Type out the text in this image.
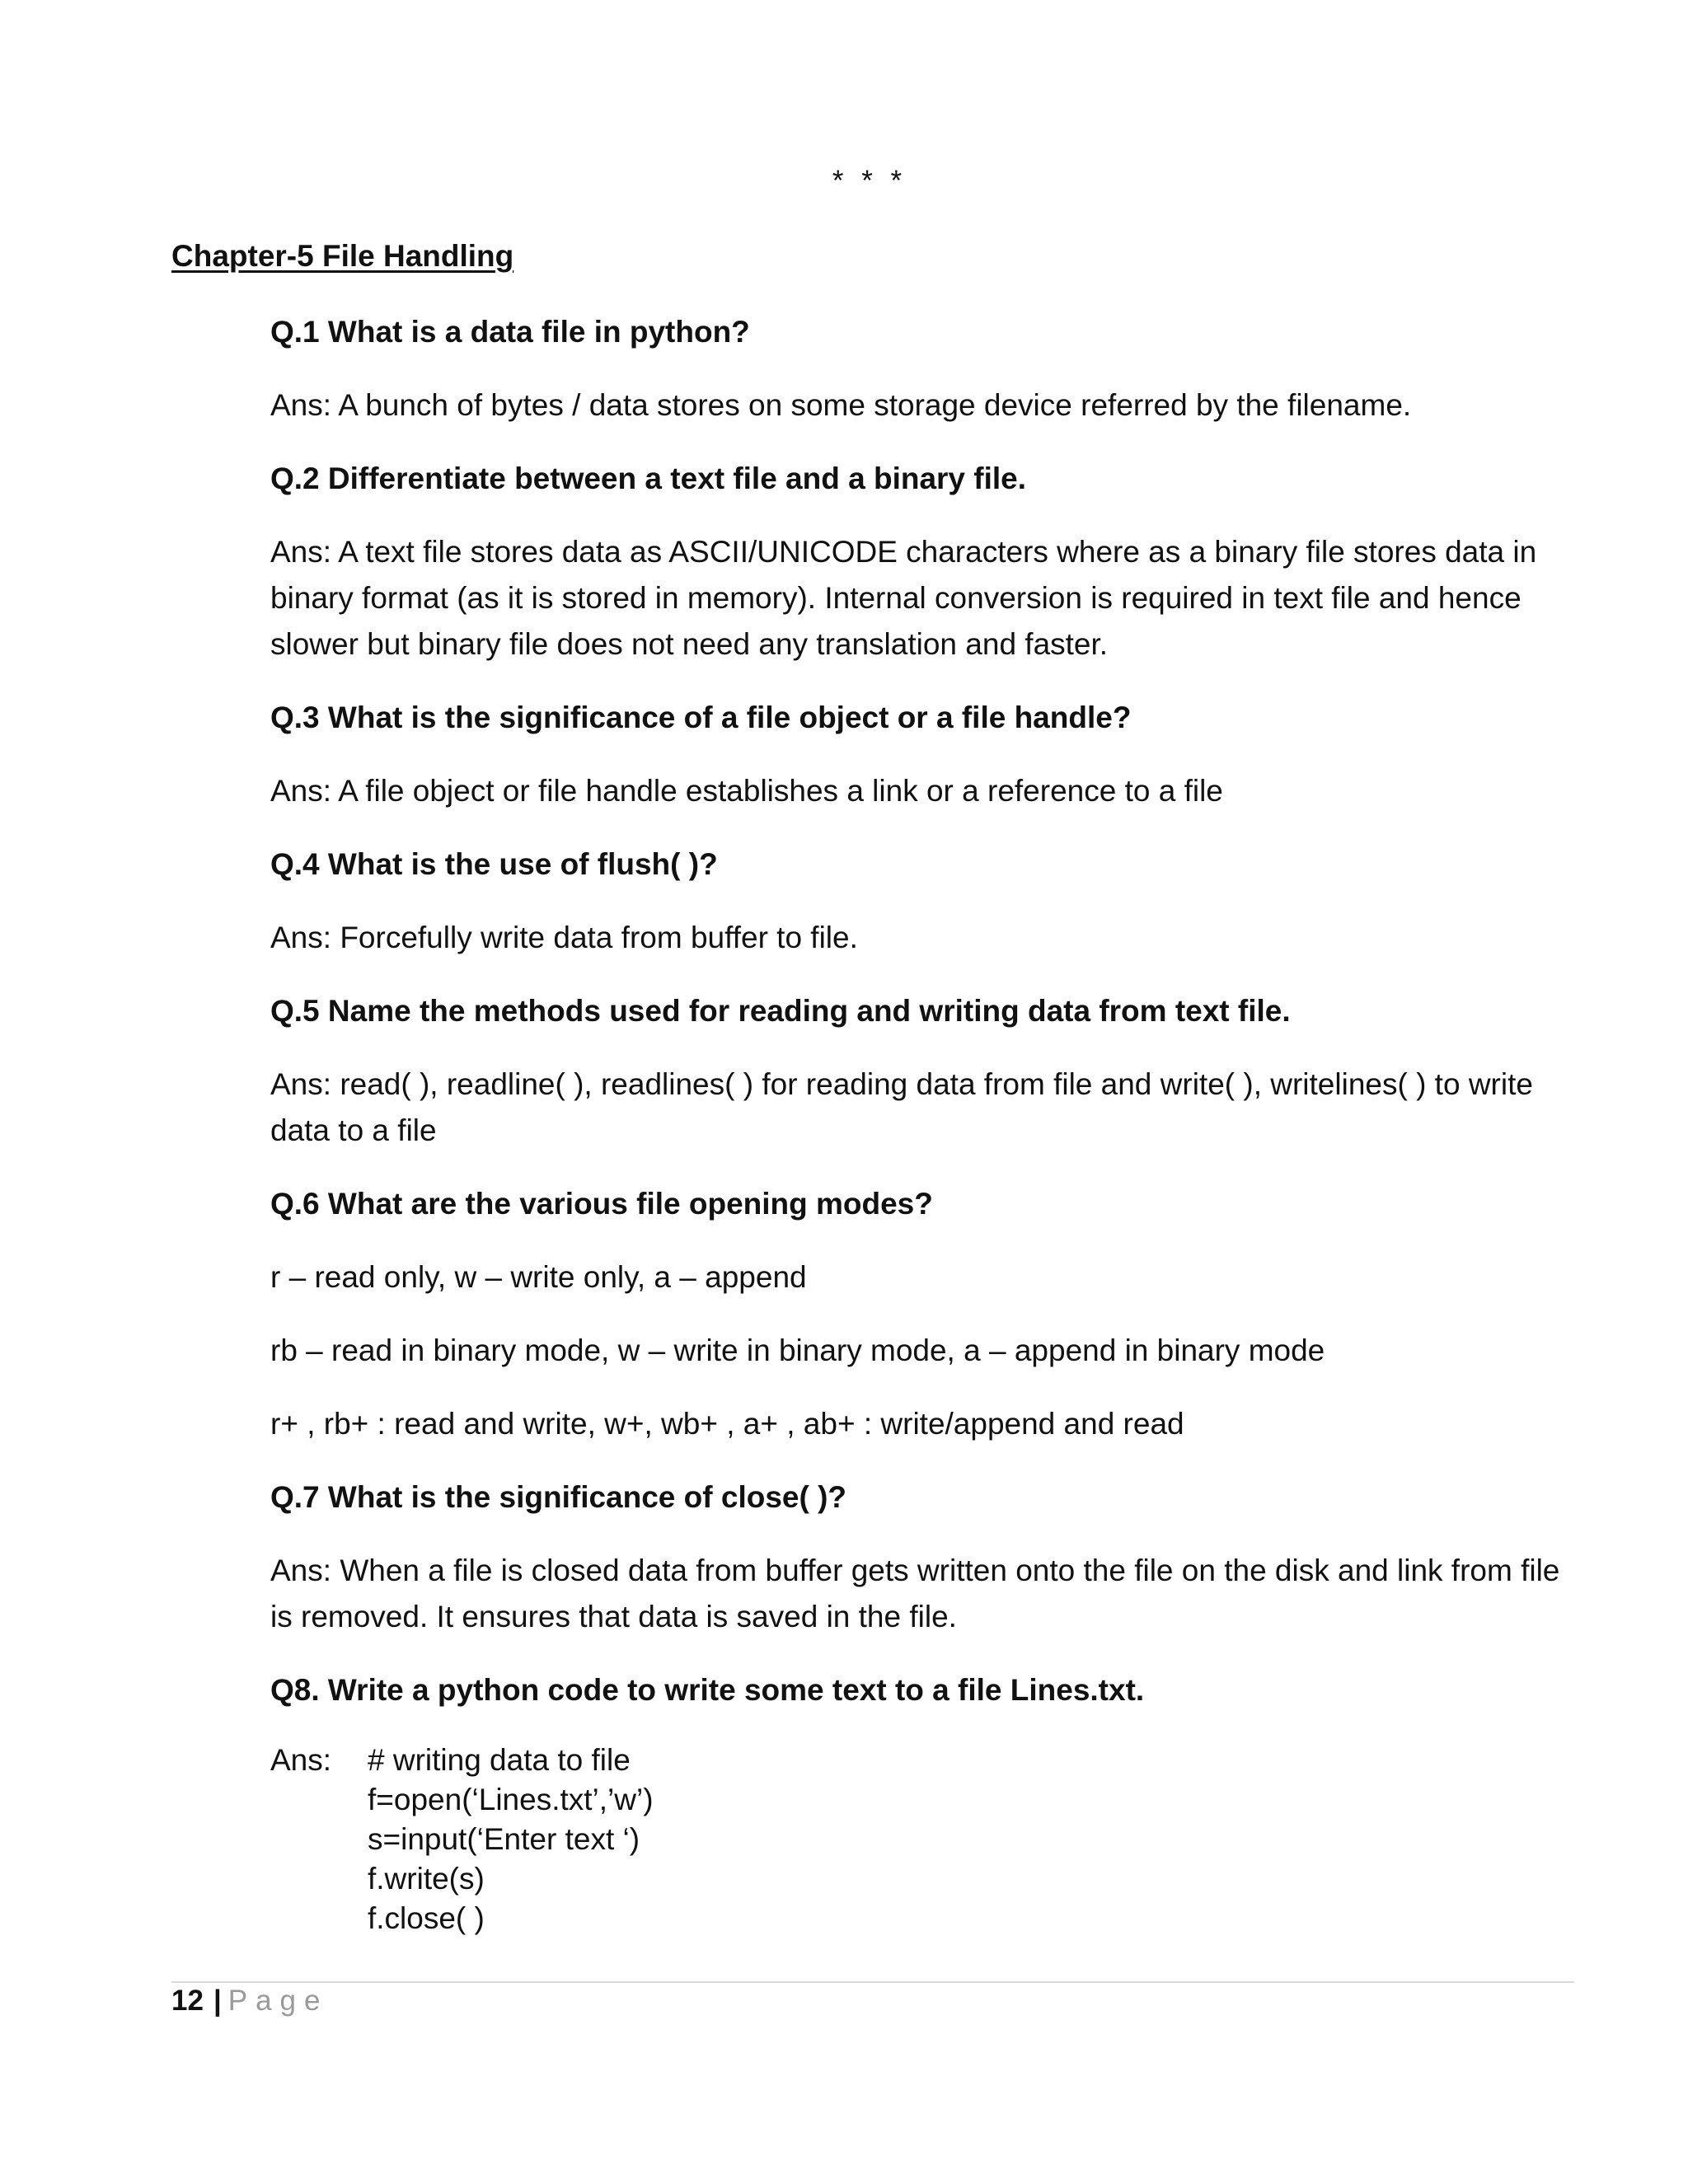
* * *
Chapter-5 File Handling
Q.1 What is a data file in python?
Ans: A bunch of bytes / data stores on some storage device referred by the filename.
Q.2 Differentiate between a text file and a binary file.
Ans: A text file stores data as ASCII/UNICODE characters where as a binary file stores data in binary format (as it is stored in memory). Internal conversion is required in text file and hence slower but binary file does not need any translation and faster.
Q.3 What is the significance of a file object or a file handle?
Ans: A file object or file handle establishes a link or a reference to a file
Q.4 What is the use of flush( )?
Ans: Forcefully write data from buffer to file.
Q.5 Name the methods used for reading and writing data from text file.
Ans: read( ), readline( ), readlines( ) for reading data from file and write( ), writelines( ) to write data to a file
Q.6 What are the various file opening modes?
r – read only, w – write only, a – append
rb – read in binary mode, w – write in binary mode, a – append in binary mode
r+ , rb+ : read and write, w+, wb+ , a+ , ab+ : write/append and read
Q.7 What is the significance of close( )?
Ans: When a file is closed data from buffer gets written onto the file on the disk and link from file is removed. It ensures that data is saved in the file.
Q8. Write a python code to write some text to a file Lines.txt.
Ans:	# writing data to file
f=open(‘Lines.txt’,’w’)
s=input(‘Enter text ‘)
f.write(s)
f.close( )
12 | Page
